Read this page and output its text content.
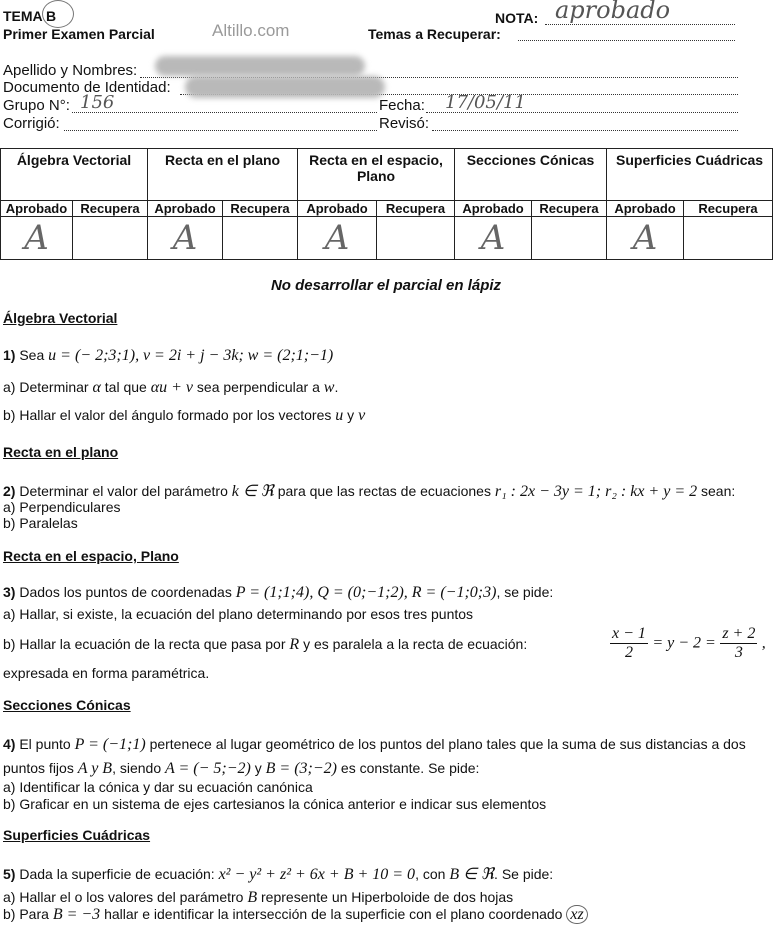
TEMA B
Primer Examen Parcial	Altillo.com
NOTA: aprobado
Temas a Recuperar:
Apellido y Nombres:
Documento de Identidad:
Grupo N°: 156	Fecha: 17/05/11
Corrigió:	Revisó:
Álgebra Vectorial		Recta en el plano		Recta en el espacio, Plano		Secciones Cónicas		Superficies Cuádricas	
Aprobado	Recupera	Aprobado	Recupera	Aprobado	Recupera	Aprobado	Recupera	Aprobado	Recupera
A		A		A		A		A	
No desarrollar el parcial en lápiz
Álgebra Vectorial
1) Sea u = (− 2;3;1), v = 2i + j − 3k; w = (2;1;−1)
a) Determinar α tal que αu + v sea perpendicular a w.
b) Hallar el valor del ángulo formado por los vectores u y v
Recta en el plano
2) Determinar el valor del parámetro k ∈ ℜ para que las rectas de ecuaciones r₁ : 2x − 3y = 1; r₂ : kx + y = 2 sean:
a) Perpendiculares
b) Paralelas
Recta en el espacio, Plano
3) Dados los puntos de coordenadas P = (1;1;4), Q = (0;−1;2), R = (−1;0;3), se pide:
a) Hallar, si existe, la ecuación del plano determinando por esos tres puntos
b) Hallar la ecuación de la recta que pasa por R y es paralela a la recta de ecuación:	$\frac{x - 1}{2} = y - 2 = \frac{z + 2}{3}$ ,
expresada en forma paramétrica.
Secciones Cónicas
4) El punto P = (−1;1) pertenece al lugar geométrico de los puntos del plano tales que la suma de sus distancias a dos
puntos fijos A y B, siendo A = (− 5;−2) y B = (3;−2) es constante. Se pide:
a) Identificar la cónica y dar su ecuación canónica
b) Graficar en un sistema de ejes cartesianos la cónica anterior e indicar sus elementos
Superficies Cuádricas
5) Dada la superficie de ecuación: x² − y² + z² + 6x + B + 10 = 0, con B ∈ ℜ. Se pide:
a) Hallar el o los valores del parámetro B represente un Hiperboloide de dos hojas
b) Para B = −3 hallar e identificar la intersección de la superficie con el plano coordenado xz
